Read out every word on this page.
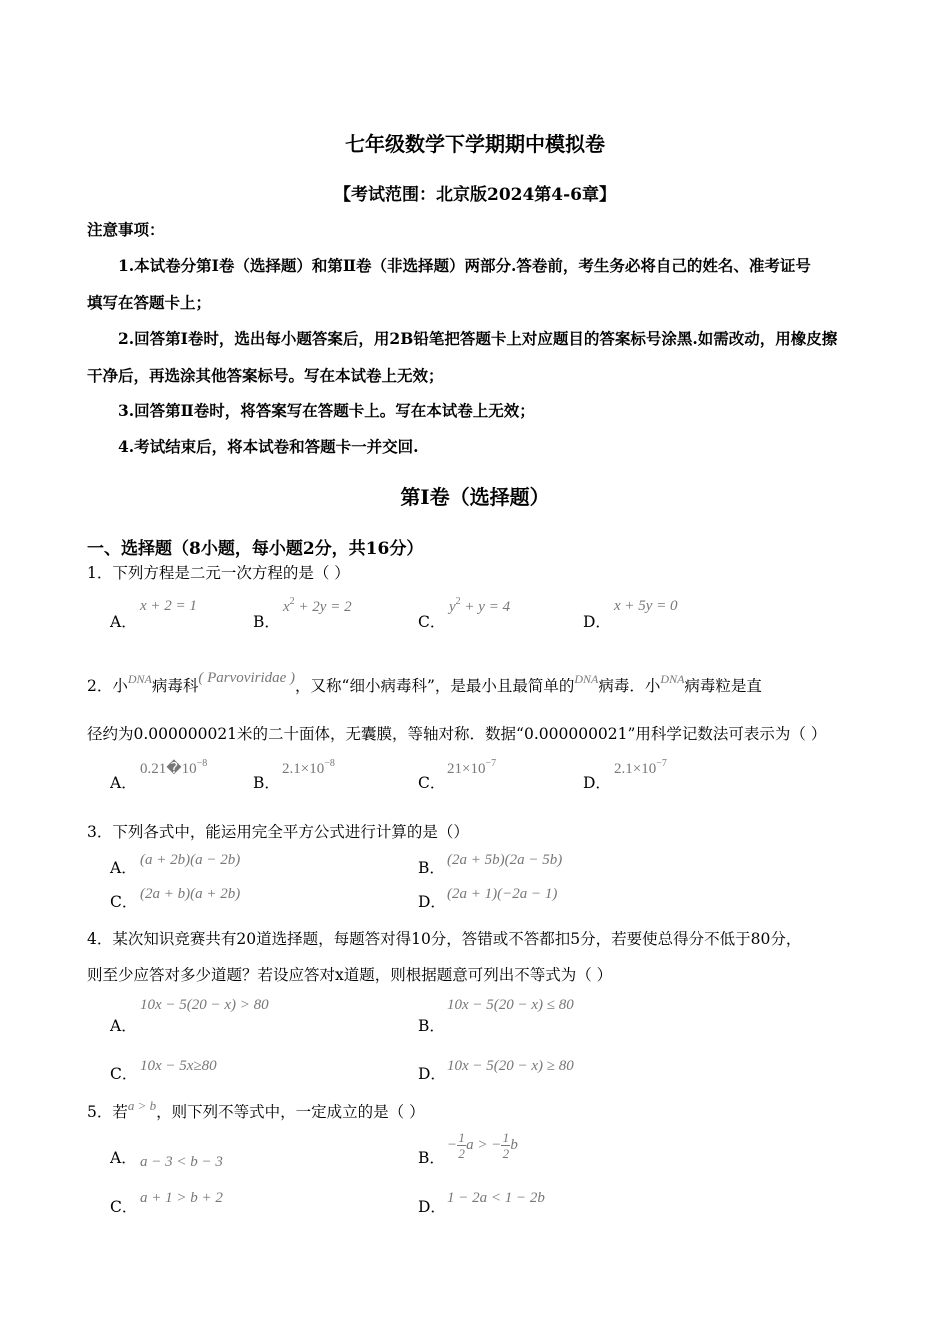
七年级数学下学期期中模拟卷
【考试范围：北京版2024第4-6章】
注意事项：
1.本试卷分第Ⅰ卷（选择题）和第Ⅱ卷（非选择题）两部分.答卷前，考生务必将自己的姓名、准考证号
填写在答题卡上；
2.回答第Ⅰ卷时，选出每小题答案后，用2B铅笔把答题卡上对应题目的答案标号涂黑.如需改动，用橡皮擦
干净后，再选涂其他答案标号。写在本试卷上无效；
3.回答第Ⅱ卷时，将答案写在答题卡上。写在本试卷上无效；
4.考试结束后，将本试卷和答题卡一并交回.
第Ⅰ卷（选择题）
一、选择题（8小题，每小题2分，共16分）
1．下列方程是二元一次方程的是（ ）
A．
x + 2 = 1
B．
$x^2 + 2y = 2$
C．
$y^2 + y = 4$
D．
x + 5y = 0
2．小$^{DNA}$病毒科( Parvoviridae )，又称“细小病毒科”，是最小且最简单的$^{DNA}$病毒．小$^{DNA}$病毒粒是直
径约为0.000000021米的二十面体，无囊膜，等轴对称．数据“0.000000021”用科学记数法可表示为（ ）
A．
$0.21�10^{-8}$
B．
$2.1\times 10^{-8}$
C．
$21\times 10^{-7}$
D．
$2.1\times 10^{-7}$
3．下列各式中，能运用完全平方公式进行计算的是（）
A． (a + 2b)(a − 2b)	B． (2a + 5b)(2a − 5b)
C． (2a + b)(a + 2b)	D． (2a + 1)(−2a − 1)
4．某次知识竞赛共有20道选择题，每题答对得10分，答错或不答都扣5分，若要使总得分不低于80分，
则至少应答对多少道题？若设应答对x道题，则根据题意可列出不等式为（ ）
A．
10x − 5(20 − x) > 80
B．
10x − 5(20 − x) ≤ 80
C． 10x − 5x≥80	D． 10x − 5(20 − x) ≥ 80
5．若$^{a > b}$，则下列不等式中，一定成立的是（ ）
A． a − 3 < b − 3	B．
− $\frac{1}{2}$ a > − $\frac{1}{2}$ b
C． a + 1 > b + 2	D． 1 − 2a < 1 − 2b
